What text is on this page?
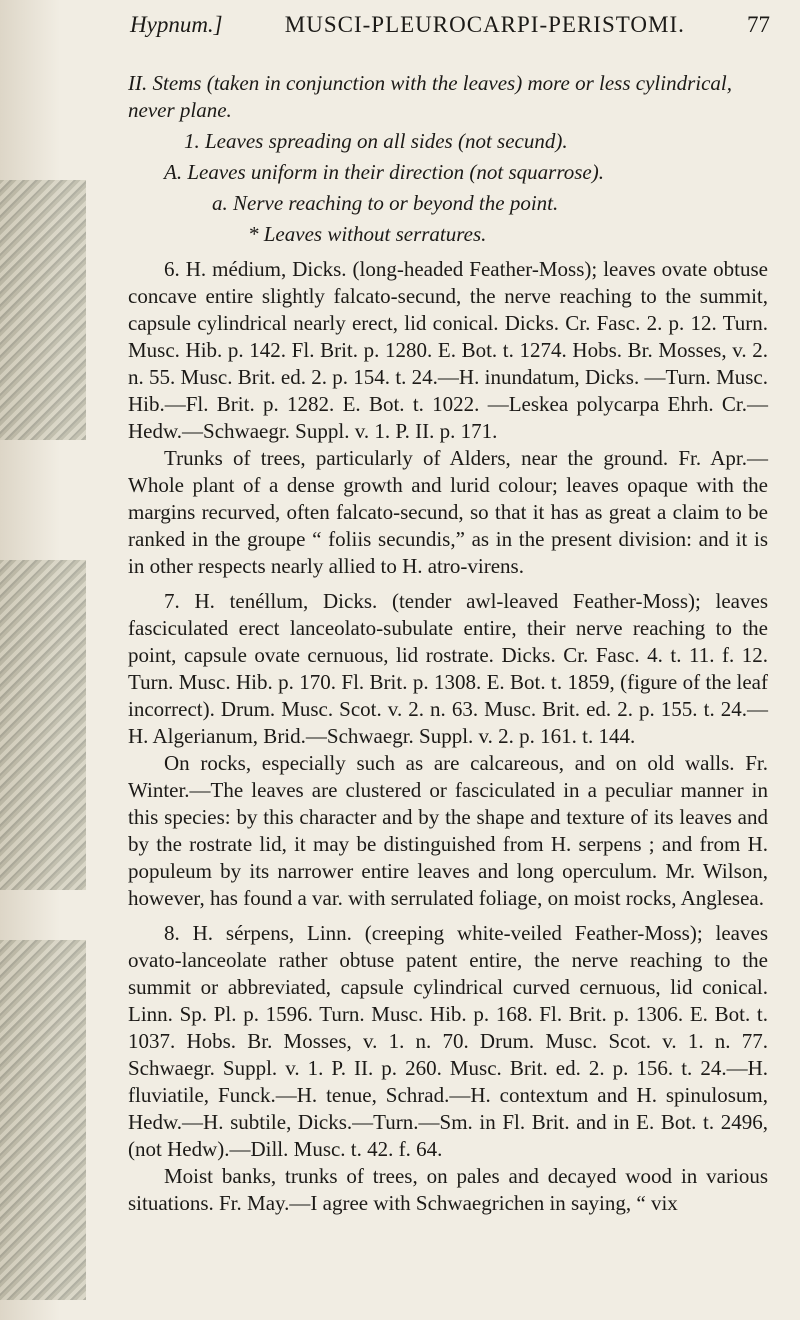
Hypnum.]	MUSCI-PLEUROCARPI-PERISTOMI.	77

II. Stems (taken in conjunction with the leaves) more or less cylindrical, never plane.

1. Leaves spreading on all sides (not secund).

A. Leaves uniform in their direction (not squarrose).

a. Nerve reaching to or beyond the point.

* Leaves without serratures.

6. H. médium, Dicks. (long-headed Feather-Moss); leaves ovate obtuse concave entire slightly falcato-secund, the nerve reaching to the summit, capsule cylindrical nearly erect, lid conical. Dicks. Cr. Fasc. 2. p. 12. Turn. Musc. Hib. p. 142. Fl. Brit. p. 1280. E. Bot. t. 1274. Hobs. Br. Mosses, v. 2. n. 55. Musc. Brit. ed. 2. p. 154. t. 24.—H. inundatum, Dicks. —Turn. Musc. Hib.—Fl. Brit. p. 1282. E. Bot. t. 1022. —Leskea polycarpa Ehrh. Cr.—Hedw.—Schwaegr. Suppl. v. 1. P. II. p. 171.

Trunks of trees, particularly of Alders, near the ground. Fr. Apr.—Whole plant of a dense growth and lurid colour; leaves opaque with the margins recurved, often falcato-secund, so that it has as great a claim to be ranked in the groupe “ foliis secundis,” as in the present division: and it is in other respects nearly allied to H. atro-virens.

7. H. tenéllum, Dicks. (tender awl-leaved Feather-Moss); leaves fasciculated erect lanceolato-subulate entire, their nerve reaching to the point, capsule ovate cernuous, lid rostrate. Dicks. Cr. Fasc. 4. t. 11. f. 12. Turn. Musc. Hib. p. 170. Fl. Brit. p. 1308. E. Bot. t. 1859, (figure of the leaf incorrect). Drum. Musc. Scot. v. 2. n. 63. Musc. Brit. ed. 2. p. 155. t. 24.—H. Algerianum, Brid.—Schwaegr. Suppl. v. 2. p. 161. t. 144.

On rocks, especially such as are calcareous, and on old walls. Fr. Winter.—The leaves are clustered or fasciculated in a peculiar manner in this species: by this character and by the shape and texture of its leaves and by the rostrate lid, it may be distinguished from H. serpens ; and from H. populeum by its narrower entire leaves and long operculum. Mr. Wilson, however, has found a var. with serrulated foliage, on moist rocks, Anglesea.

8. H. sérpens, Linn. (creeping white-veiled Feather-Moss); leaves ovato-lanceolate rather obtuse patent entire, the nerve reaching to the summit or abbreviated, capsule cylindrical curved cernuous, lid conical. Linn. Sp. Pl. p. 1596. Turn. Musc. Hib. p. 168. Fl. Brit. p. 1306. E. Bot. t. 1037. Hobs. Br. Mosses, v. 1. n. 70. Drum. Musc. Scot. v. 1. n. 77. Schwaegr. Suppl. v. 1. P. II. p. 260. Musc. Brit. ed. 2. p. 156. t. 24.—H. fluviatile, Funck.—H. tenue, Schrad.—H. contextum and H. spinulosum, Hedw.—H. subtile, Dicks.—Turn.—Sm. in Fl. Brit. and in E. Bot. t. 2496, (not Hedw).—Dill. Musc. t. 42. f. 64.

Moist banks, trunks of trees, on pales and decayed wood in various situations. Fr. May.—I agree with Schwaegrichen in saying, “ vix
